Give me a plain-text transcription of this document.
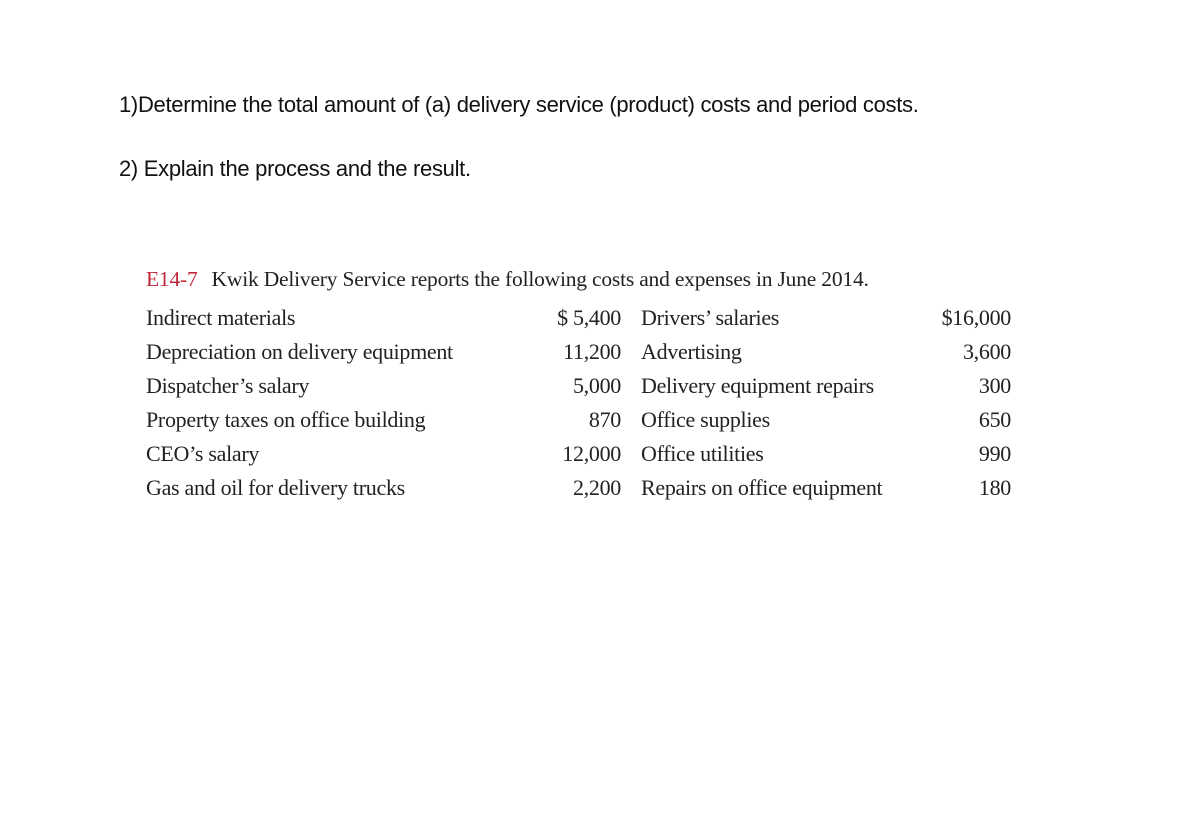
1)Determine the total amount of (a) delivery service (product) costs and period costs.
2) Explain the process and the result.
E14-7 Kwik Delivery Service reports the following costs and expenses in June 2014.
Indirect materials	$ 5,400	Drivers’ salaries	$16,000
Depreciation on delivery equipment	11,200	Advertising	3,600
Dispatcher’s salary	5,000	Delivery equipment repairs	300
Property taxes on office building	870	Office supplies	650
CEO’s salary	12,000	Office utilities	990
Gas and oil for delivery trucks	2,200	Repairs on office equipment	180
